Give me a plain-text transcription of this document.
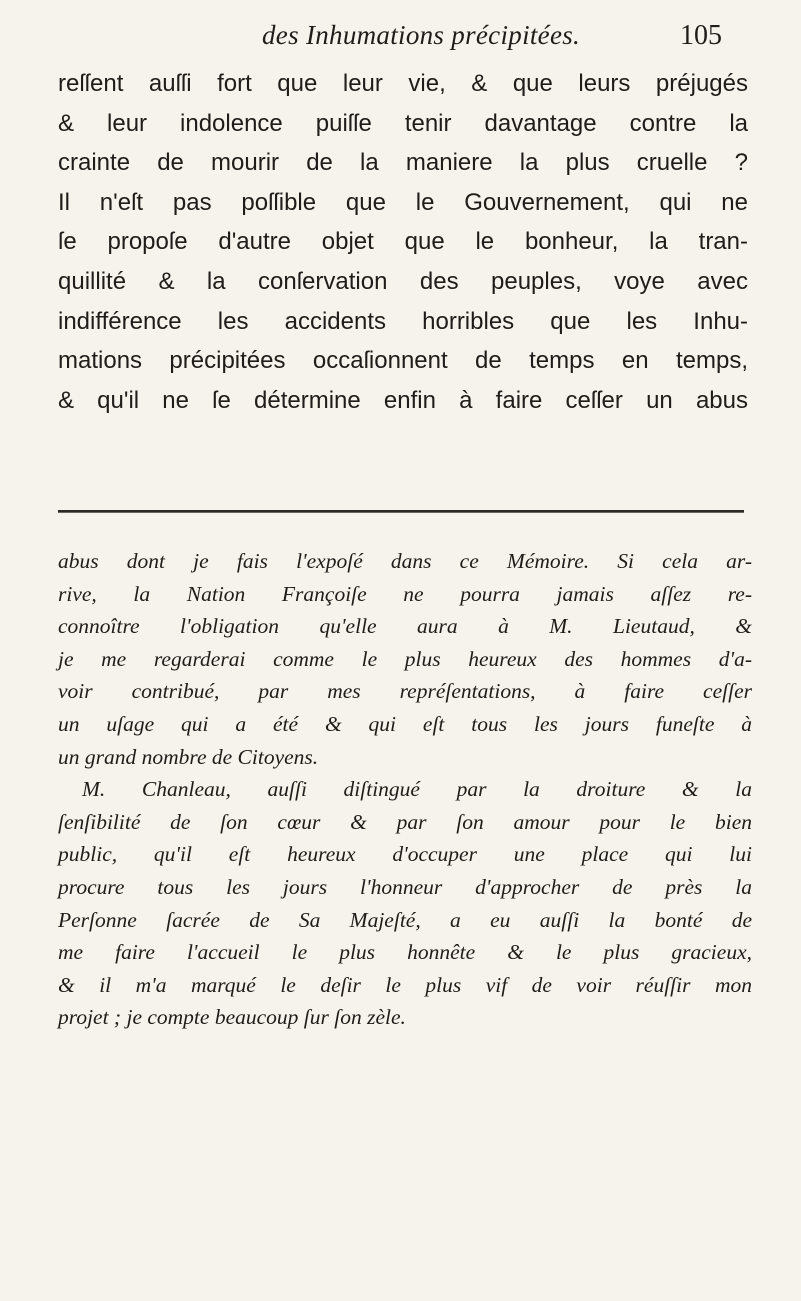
des Inhumations précipitées.	105
reſſent auſſi fort que leur vie, & que leurs préjugés
& leur indolence puiſſe tenir davantage contre la
crainte de mourir de la maniere la plus cruelle ?
Il n'eſt pas poſſible que le Gouvernement, qui ne
ſe propoſe d'autre objet que le bonheur, la tran-
quillité & la conſervation des peuples, voye avec
indifférence les accidents horribles que les Inhu-
mations précipitées occaſionnent de temps en temps,
& qu'il ne ſe détermine enfin à faire ceſſer un abus
abus dont je fais l'expoſé dans ce Mémoire. Si cela ar-
rive, la Nation Françoiſe ne pourra jamais aſſez re-
connoître l'obligation qu'elle aura à M. Lieutaud, &
je me regarderai comme le plus heureux des hommes d'a-
voir contribué, par mes repréſentations, à faire ceſſer
un uſage qui a été & qui eſt tous les jours funeſte à
un grand nombre de Citoyens.
M. Chanleau, auſſi diſtingué par la droiture & la
ſenſibilité de ſon cœur & par ſon amour pour le bien
public, qu'il eſt heureux d'occuper une place qui lui
procure tous les jours l'honneur d'approcher de près la
Perſonne ſacrée de Sa Majeſté, a eu auſſi la bonté de
me faire l'accueil le plus honnête & le plus gracieux,
& il m'a marqué le deſir le plus vif de voir réuſſir mon
projet ; je compte beaucoup ſur ſon zèle.
